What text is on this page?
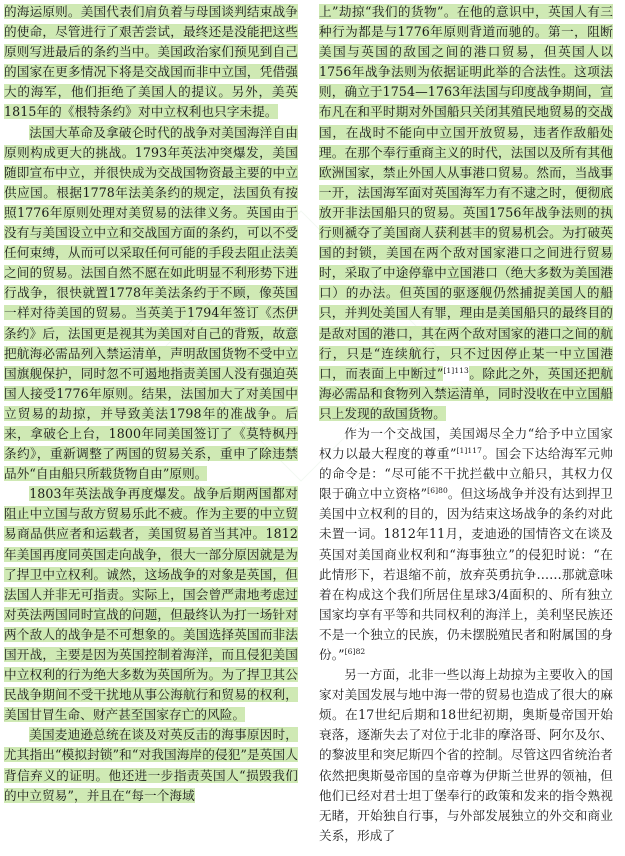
的海运原则。美国代表们肩负着与母国谈判结束战争的使命，尽管进行了艰苦尝试，最终还是没能把这些原则写进最后的条约当中。美国政治家们预见到自己的国家在更多情况下将是交战国而非中立国，凭借强大的海军，他们拒绝了美国人的提议。另外，美英1815年的《根特条约》对中立权利也只字未提。

法国大革命及拿破仑时代的战争对美国海洋自由原则构成更大的挑战。1793年英法冲突爆发，美国随即宣布中立，并很快成为交战国物资最主要的中立供应国。根据1778年法美条约的规定，法国负有按照1776年原则处理对美贸易的法律义务。英国由于没有与美国设立中立和交战国方面的条约，可以不受任何束缚，从而可以采取任何可能的手段去阻止法美之间的贸易。法国自然不愿在如此明显不利形势下进行战争，很快就置1778年美法条约于不顾，像英国一样对待美国的贸易。当英美于1794年签订《杰伊条约》后，法国更是视其为美国对自己的背叛，故意把航海必需品列入禁运清单，声明敌国货物不受中立国旗舰保护，同时忽不可遏地指责美国人没有强迫英国人接受1776年原则。结果，法国加大了对美国中立贸易的劫掠，并导致美法1798年的准战争。后来，拿破仑上台，1800年同美国签订了《莫特枫丹条约》，重新调整了两国的贸易关系，重申了除违禁品外“自由船只所载货物自由”原则。

1803年英法战争再度爆发。战争后期两国都对阻止中立国与敌方贸易乐此不疲。作为主要的中立贸易商品供应者和运载者，美国贸易首当其冲。1812年美国再度同英国走向战争，很大一部分原因就是为了捍卫中立权利。诚然，这场战争的对象是英国，但法国人并非无可指责。实际上，国会曾严肃地考虑过对英法两国同时宣战的问题，但最终认为打一场针对两个敌人的战争是不可想象的。美国选择英国而非法国开战，主要是因为英国控制着海洋，而且侵犯美国中立权利的行为绝大多数为英国所为。为了捍卫其公民战争期间不受干扰地从事公海航行和贸易的权利，美国甘冒生命、财产甚至国家存亡的风险。

美国麦迪逊总统在谈及对英反击的海事原因时，尤其指出“模拟封锁”和“对我国海岸的侵犯”是英国人背信弃义的证明。他还进一步指责英国人“损毁我们的中立贸易”，并且在“每一个海域

上”劫掠“我们的货物”。在他的意识中，英国人有三种行为都是与1776年原则背道而驰的。第一，阻断美国与英国的敌国之间的港口贸易，但英国人以1756年战争法则为依据证明此举的合法性。这项法则，确立于1754—1763年法国与印度战争期间，宣布凡在和平时期对外国船只关闭其殖民地贸易的交战国，在战时不能向中立国开放贸易，违者作敌船处理。在那个奉行重商主义的时代，法国以及所有其他欧洲国家，禁止外国人从事港口贸易。然而，当战事一开，法国海军面对英国海军力有不逮之时，便彻底放开非法国船只的贸易。英国1756年战争法则的执行则褫夺了美国商人获利甚丰的贸易机会。为打破英国的封锁，美国在两个敌对国家港口之间进行贸易时，采取了中途停靠中立国港口（绝大多数为美国港口）的办法。但英国的驱逐舰仍然捕捉美国人的船只，并判处美国人有罪，理由是美国船只的最终目的是敌对国的港口，其在两个敌对国家的港口之间的航行，只是“连续航行，只不过因停止某一中立国港口，而表面上中断过”$^{[1]113}$。除此之外，英国还把航海必需品和食物列入禁运清单，同时没收在中立国船只上发现的敌国货物。

作为一个交战国，美国竭尽全力“给予中立国家权力以最大程度的尊重”$^{[1]117}$。国会下达给海军元帅的命令是：“尽可能不干扰拦截中立船只，其权力仅限于确立中立资格”$^{[6]80}$。但这场战争并没有达到捍卫美国中立权利的目的，因为结束这场战争的条约对此未置一词。1812年11月，麦迪逊的国情咨文在谈及英国对美国商业权利和“海事独立”的侵犯时说：“在此情形下，若退缩不前，放弃英勇抗争……那就意味着在构成这个我们所居住星球3/4面积的、所有独立国家均享有平等和共同权利的海洋上，美利坚民族还不是一个独立的民族，仍未摆脱殖民者和附属国的身份。”$^{[6]82}$

另一方面，北非一些以海上劫掠为主要收入的国家对美国发展与地中海一带的贸易也造成了很大的麻烦。在17世纪后期和18世纪初期，奥斯曼帝国开始衰落，逐渐失去了对位于北非的摩洛哥、阿尔及尔、的黎波里和突尼斯四个省的控制。尽管这四省统治者依然把奥斯曼帝国的皇帝尊为伊斯兰世界的领袖，但他们已经对君士坦丁堡奉行的政策和发来的指令熟视无睹，开始独自行事，与外部发展独立的外交和商业关系，形成了
